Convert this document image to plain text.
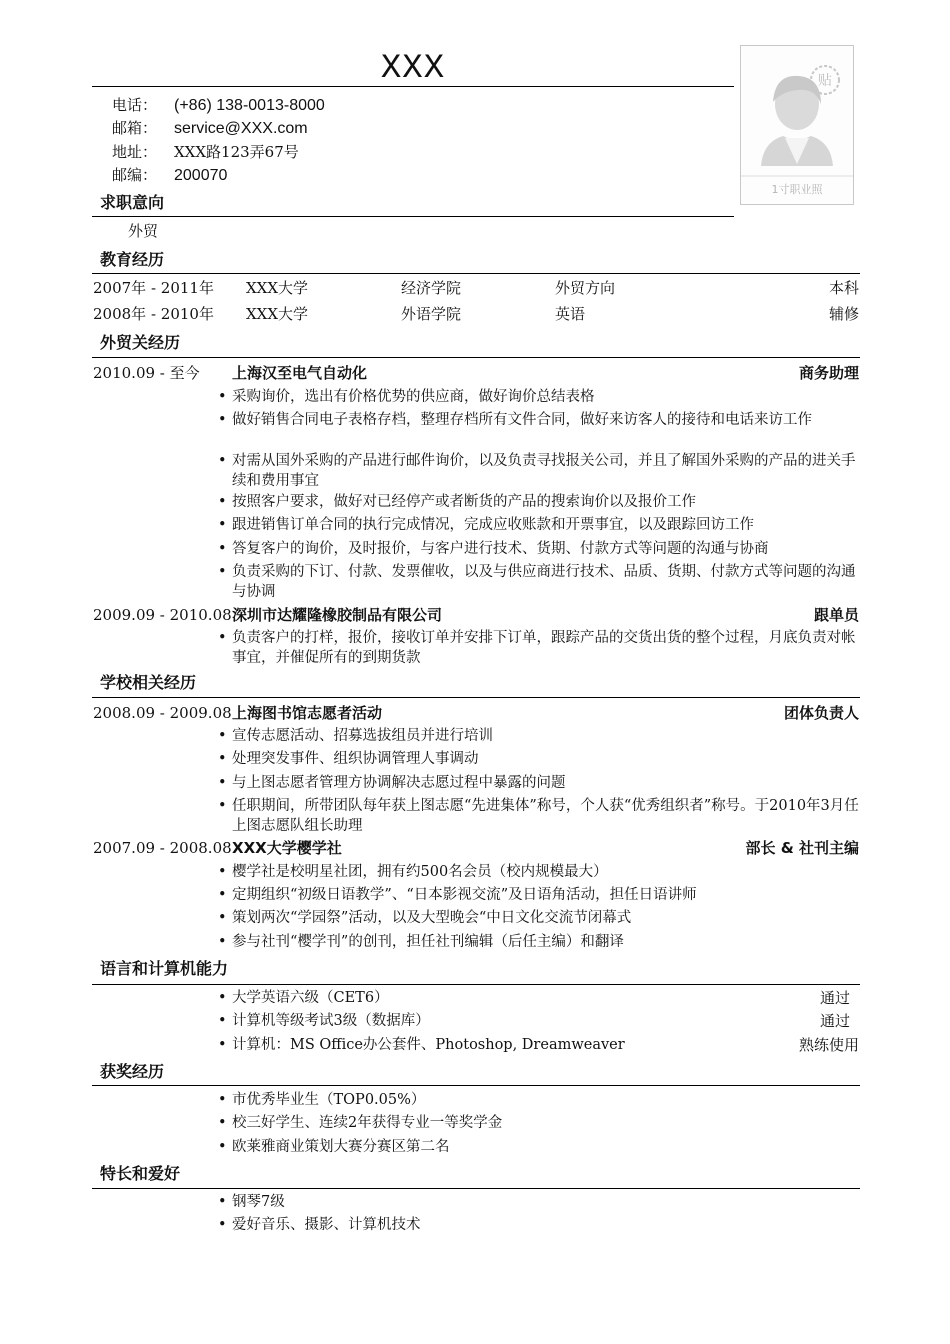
XXX
电话： (+86) 138-0013-8000
邮箱： service@XXX.com
地址： XXX路123弄67号
邮编： 200070
贴
1寸职业照
求职意向
外贸
教育经历
2007年 - 2011年 XXX大学	经济学院	外贸方向	本科
2008年 - 2010年 XXX大学	外语学院	英语	辅修
外贸关经历
2010.09 - 至今 上海汉至电气自动化	商务助理
• 采购询价，选出有价格优势的供应商，做好询价总结表格
• 做好销售合同电子表格存档，整理存档所有文件合同，做好来访客人的接待和电话来访工作
• 对需从国外采购的产品进行邮件询价，以及负责寻找报关公司，并且了解国外采购的产品的进关手续和费用事宜
• 按照客户要求，做好对已经停产或者断货的产品的搜索询价以及报价工作
• 跟进销售订单合同的执行完成情况，完成应收账款和开票事宜，以及跟踪回访工作
• 答复客户的询价，及时报价，与客户进行技术、货期、付款方式等问题的沟通与协商
• 负责采购的下订、付款、发票催收，以及与供应商进行技术、品质、货期、付款方式等问题的沟通与协调
2009.09 - 2010.08 深圳市达耀隆橡胶制品有限公司	跟单员
• 负责客户的打样，报价，接收订单并安排下订单，跟踪产品的交货出货的整个过程，月底负责对帐事宜，并催促所有的到期货款
学校相关经历
2008.09 - 2009.08 上海图书馆志愿者活动	团体负责人
• 宣传志愿活动、招募选拔组员并进行培训
• 处理突发事件、组织协调管理人事调动
• 与上图志愿者管理方协调解决志愿过程中暴露的问题
• 任职期间，所带团队每年获上图志愿“先进集体”称号，个人获“优秀组织者”称号。于2010年3月任上图志愿队组长助理
2007.09 - 2008.08 XXX大学樱学社	部长 & 社刊主编
• 樱学社是校明星社团，拥有约500名会员（校内规模最大）
• 定期组织“初级日语教学”、“日本影视交流”及日语角活动，担任日语讲师
• 策划两次“学园祭”活动，以及大型晚会“中日文化交流节闭幕式
• 参与社刊“樱学刊”的创刊，担任社刊编辑（后任主编）和翻译
语言和计算机能力
• 大学英语六级（CET6）	通过
• 计算机等级考试3级（数据库）	通过
• 计算机：MS Office办公套件、Photoshop, Dreamweaver	熟练使用
获奖经历
• 市优秀毕业生（TOP0.05%）
• 校三好学生、连续2年获得专业一等奖学金
• 欧莱雅商业策划大赛分赛区第二名
特长和爱好
• 钢琴7级
• 爱好音乐、摄影、计算机技术
